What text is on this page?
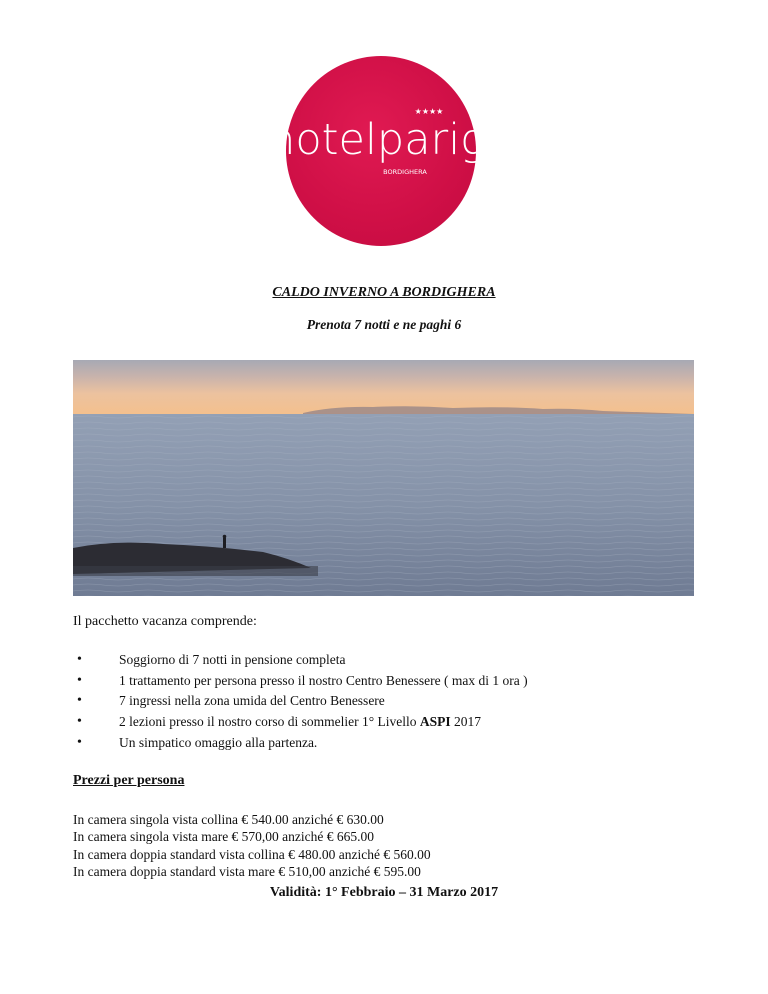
hotelparigi
★★★★
BORDIGHERA
CALDO INVERNO A BORDIGHERA
Prenota 7 notti e ne paghi 6
Il pacchetto vacanza comprende:
• Soggiorno di 7 notti in pensione completa
• 1 trattamento per persona presso il nostro Centro Benessere ( max di 1 ora )
• 7 ingressi nella zona umida del Centro Benessere
• 2 lezioni presso il nostro corso di sommelier 1° Livello ASPI 2017
• Un simpatico omaggio alla partenza.
Prezzi per persona
In camera singola vista collina € 540.00 anziché € 630.00
In camera singola vista mare € 570,00 anziché € 665.00
In camera doppia standard vista collina € 480.00 anziché € 560.00
In camera doppia standard vista mare € 510,00 anziché € 595.00
Validità: 1° Febbraio – 31 Marzo 2017
